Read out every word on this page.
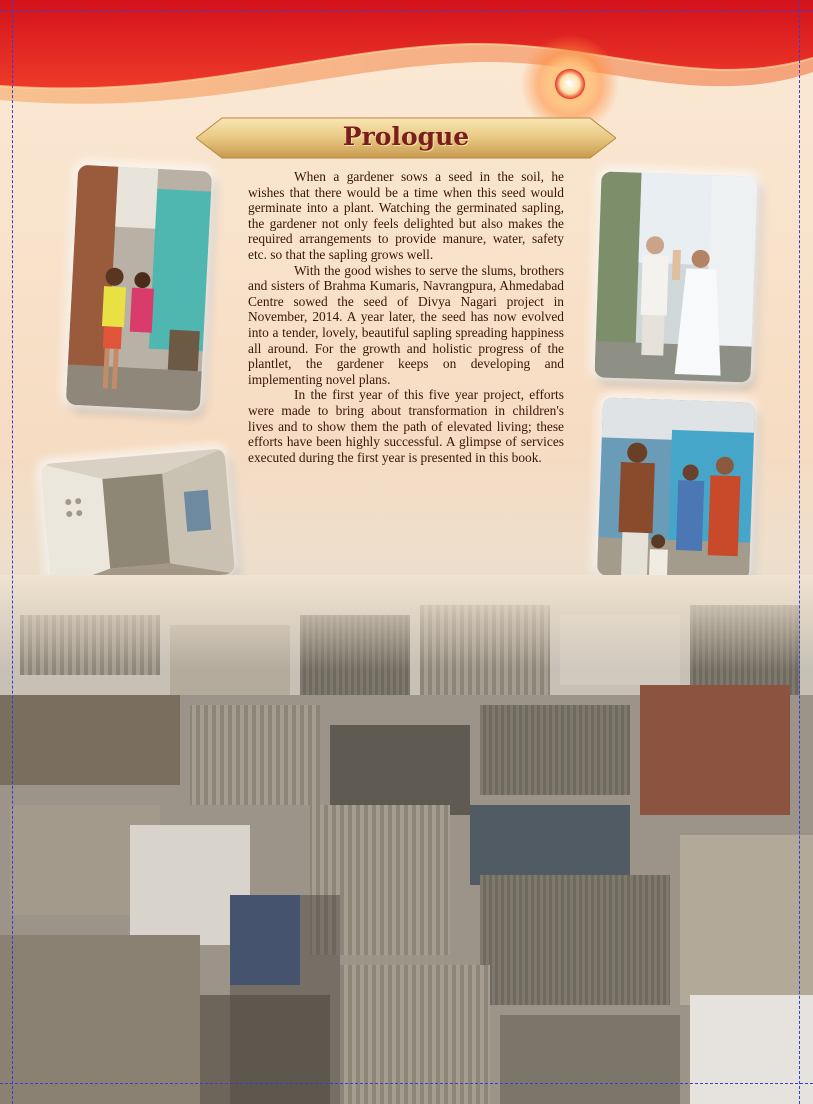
✦
Prologue

When a gardener sows a seed in the soil, he wishes that there would be a time when this seed would germinate into a plant. Watching the germinated sapling, the gardener not only feels delighted but also makes the required arrangements to provide manure, water, safety etc. so that the sapling grows well.

With the good wishes to serve the slums, brothers and sisters of Brahma Kumaris, Navrangpura, Ahmedabad Centre sowed the seed of Divya Nagari project in November, 2014. A year later, the seed has now evolved into a tender, lovely, beautiful sapling spreading happiness all around. For the growth and holistic progress of the plantlet, the gardener keeps on developing and implementing novel plans.

In the first year of this five year project, efforts were made to bring about transformation in children's lives and to show them the path of elevated living; these efforts have been highly successful. A glimpse of services executed during the first year is presented in this book.
